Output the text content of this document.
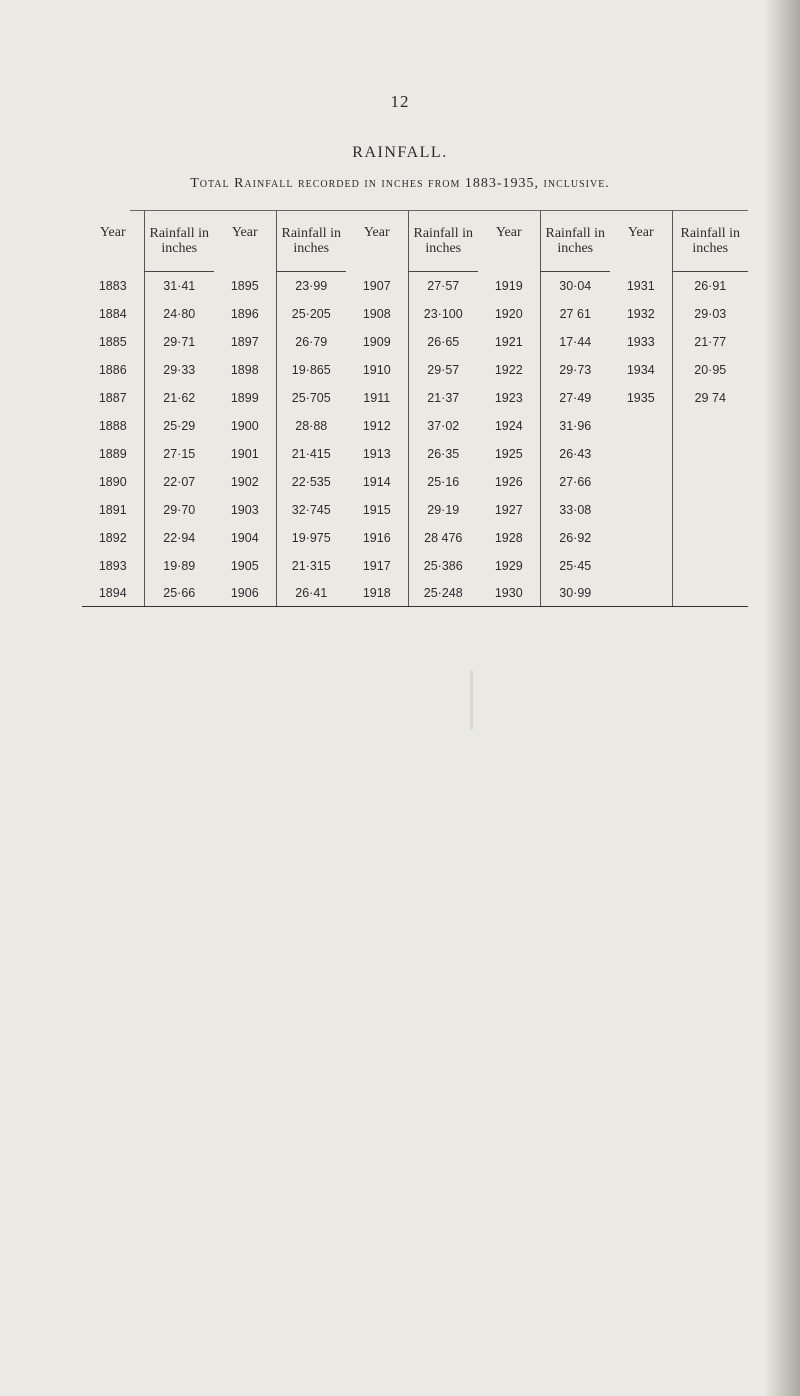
12
RAINFALL.
Total Rainfall recorded in inches from 1883-1935, inclusive.
Year	Rainfall in inches	Year	Rainfall in inches	Year	Rainfall in inches	Year	Rainfall in inches	Year	Rainfall in inches
1883	31·41	1895	23·99	1907	27·57	1919	30·04	1931	26·91
1884	24·80	1896	25·205	1908	23·100	1920	27 61	1932	29·03
1885	29·71	1897	26·79	1909	26·65	1921	17·44	1933	21·77
1886	29·33	1898	19·865	1910	29·57	1922	29·73	1934	20·95
1887	21·62	1899	25·705	1911	21·37	1923	27·49	1935	29 74
1888	25·29	1900	28·88	1912	37·02	1924	31·96		
1889	27·15	1901	21·415	1913	26·35	1925	26·43		
1890	22·07	1902	22·535	1914	25·16	1926	27·66		
1891	29·70	1903	32·745	1915	29·19	1927	33·08		
1892	22·94	1904	19·975	1916	28 476	1928	26·92		
1893	19·89	1905	21·315	1917	25·386	1929	25·45		
1894	25·66	1906	26·41	1918	25·248	1930	30·99		
